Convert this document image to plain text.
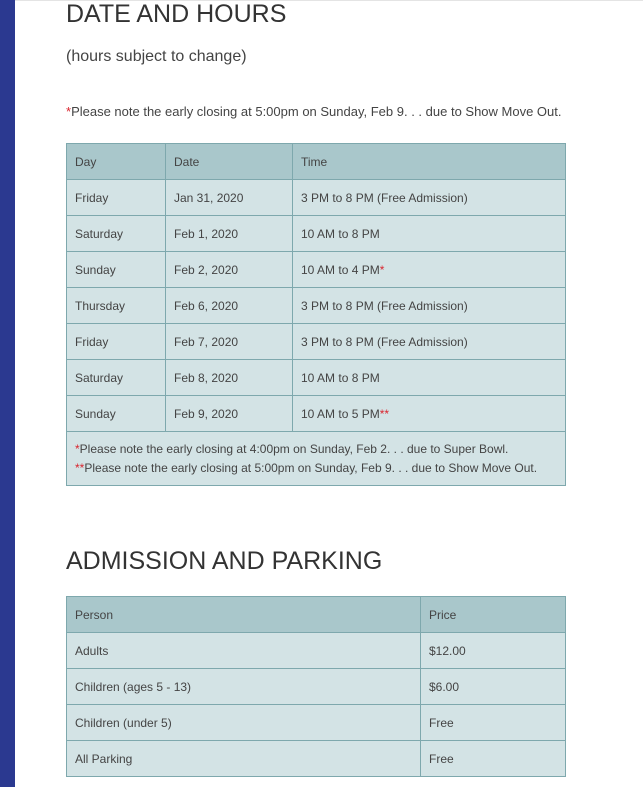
DATE AND HOURS
(hours subject to change)
*Please note the early closing at 5:00pm on Sunday, Feb 9. . . due to Show Move Out.
Day	Date	Time
Friday	Jan 31, 2020	3 PM to 8 PM (Free Admission)
Saturday	Feb 1, 2020	10 AM to 8 PM
Sunday	Feb 2, 2020	10 AM to 4 PM*
Thursday	Feb 6, 2020	3 PM to 8 PM (Free Admission)
Friday	Feb 7, 2020	3 PM to 8 PM (Free Admission)
Saturday	Feb 8, 2020	10 AM to 8 PM
Sunday	Feb 9, 2020	10 AM to 5 PM**

*Please note the early closing at 4:00pm on Sunday, Feb 2. . . due to Super Bowl.
**Please note the early closing at 5:00pm on Sunday, Feb 9. . . due to Show Move Out.		
ADMISSION AND PARKING
Person	Price
Adults	$12.00
Children (ages 5 - 13)	$6.00
Children (under 5)	Free
All Parking	Free
